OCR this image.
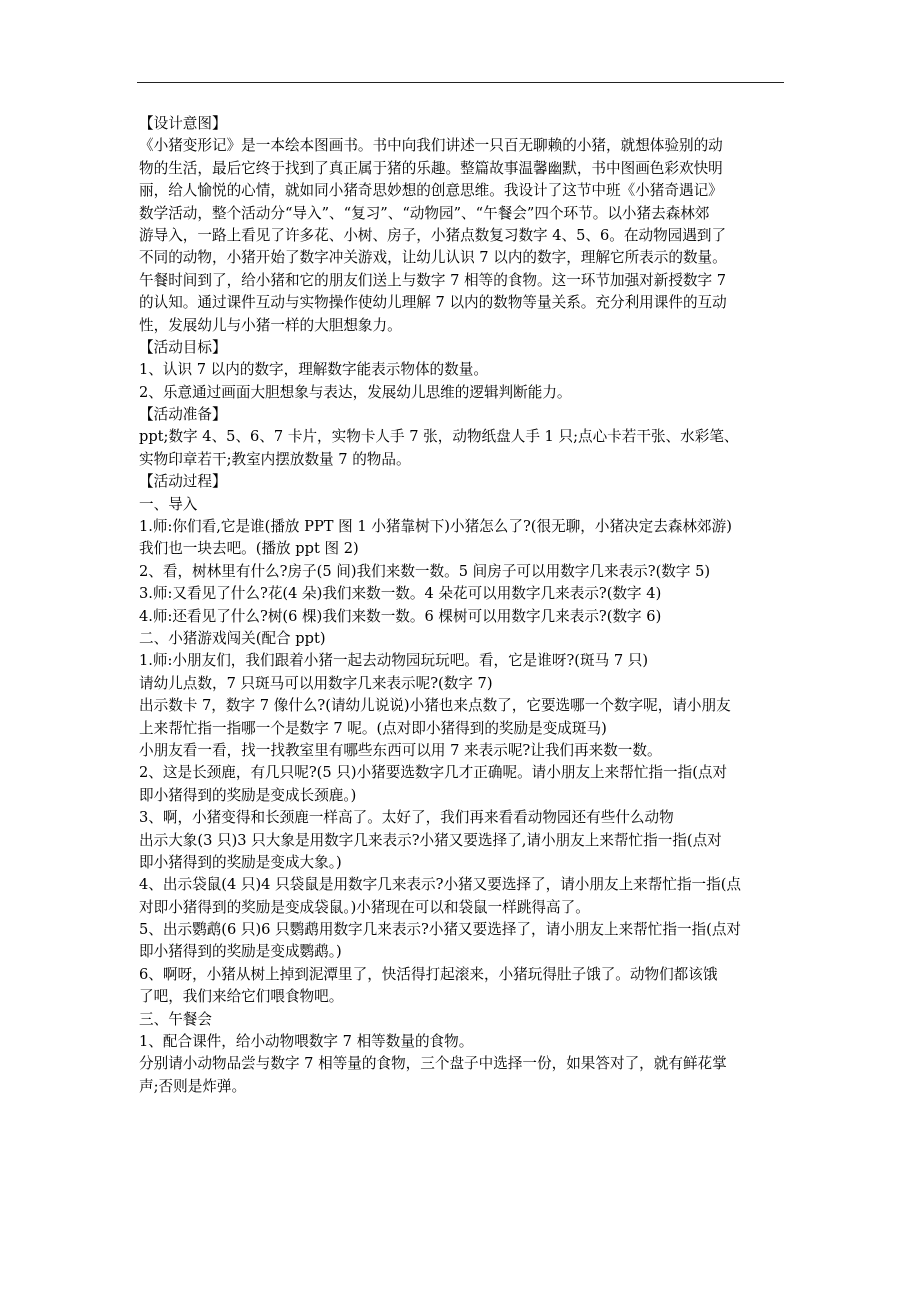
【设计意图】
《小猪变形记》是一本绘本图画书。书中向我们讲述一只百无聊赖的小猪，就想体验别的动
物的生活，最后它终于找到了真正属于猪的乐趣。整篇故事温馨幽默，书中图画色彩欢快明
丽，给人愉悦的心情，就如同小猪奇思妙想的创意思维。我设计了这节中班《小猪奇遇记》
数学活动，整个活动分“导入”、“复习”、“动物园”、“午餐会”四个环节。以小猪去森林郊
游导入，一路上看见了许多花、小树、房子，小猪点数复习数字 4、5、6。在动物园遇到了
不同的动物，小猪开始了数字冲关游戏，让幼儿认识 7 以内的数字，理解它所表示的数量。
午餐时间到了，给小猪和它的朋友们送上与数字 7 相等的食物。这一环节加强对新授数字 7
的认知。通过课件互动与实物操作使幼儿理解 7 以内的数物等量关系。充分利用课件的互动
性，发展幼儿与小猪一样的大胆想象力。
【活动目标】
1、认识 7 以内的数字，理解数字能表示物体的数量。
2、乐意通过画面大胆想象与表达，发展幼儿思维的逻辑判断能力。
【活动准备】
ppt;数字 4、5、6、7 卡片，实物卡人手 7 张，动物纸盘人手 1 只;点心卡若干张、水彩笔、
实物印章若干;教室内摆放数量 7 的物品。
【活动过程】
一、导入
1.师:你们看,它是谁(播放 PPT 图 1 小猪靠树下)小猪怎么了?(很无聊，小猪决定去森林郊游)
我们也一块去吧。(播放 ppt 图 2)
2、看，树林里有什么?房子(5 间)我们来数一数。5 间房子可以用数字几来表示?(数字 5)
3.师:又看见了什么?花(4 朵)我们来数一数。4 朵花可以用数字几来表示?(数字 4)
4.师:还看见了什么?树(6 棵)我们来数一数。6 棵树可以用数字几来表示?(数字 6)
二、小猪游戏闯关(配合 ppt)
1.师:小朋友们，我们跟着小猪一起去动物园玩玩吧。看，它是谁呀?(斑马 7 只)
请幼儿点数，7 只斑马可以用数字几来表示呢?(数字 7)
出示数卡 7，数字 7 像什么?(请幼儿说说)小猪也来点数了，它要选哪一个数字呢，请小朋友
上来帮忙指一指哪一个是数字 7 呢。(点对即小猪得到的奖励是变成斑马)
小朋友看一看，找一找教室里有哪些东西可以用 7 来表示呢?让我们再来数一数。
2、这是长颈鹿，有几只呢?(5 只)小猪要选数字几才正确呢。请小朋友上来帮忙指一指(点对
即小猪得到的奖励是变成长颈鹿。)
3、啊，小猪变得和长颈鹿一样高了。太好了，我们再来看看动物园还有些什么动物
出示大象(3 只)3 只大象是用数字几来表示?小猪又要选择了,请小朋友上来帮忙指一指(点对
即小猪得到的奖励是变成大象。)
4、出示袋鼠(4 只)4 只袋鼠是用数字几来表示?小猪又要选择了，请小朋友上来帮忙指一指(点
对即小猪得到的奖励是变成袋鼠。)小猪现在可以和袋鼠一样跳得高了。
5、出示鹦鹉(6 只)6 只鹦鹉用数字几来表示?小猪又要选择了，请小朋友上来帮忙指一指(点对
即小猪得到的奖励是变成鹦鹉。)
6、啊呀，小猪从树上掉到泥潭里了，快活得打起滚来，小猪玩得肚子饿了。动物们都该饿
了吧，我们来给它们喂食物吧。
三、午餐会
1、配合课件，给小动物喂数字 7 相等数量的食物。
分别请小动物品尝与数字 7 相等量的食物，三个盘子中选择一份，如果答对了，就有鲜花掌
声;否则是炸弹。
